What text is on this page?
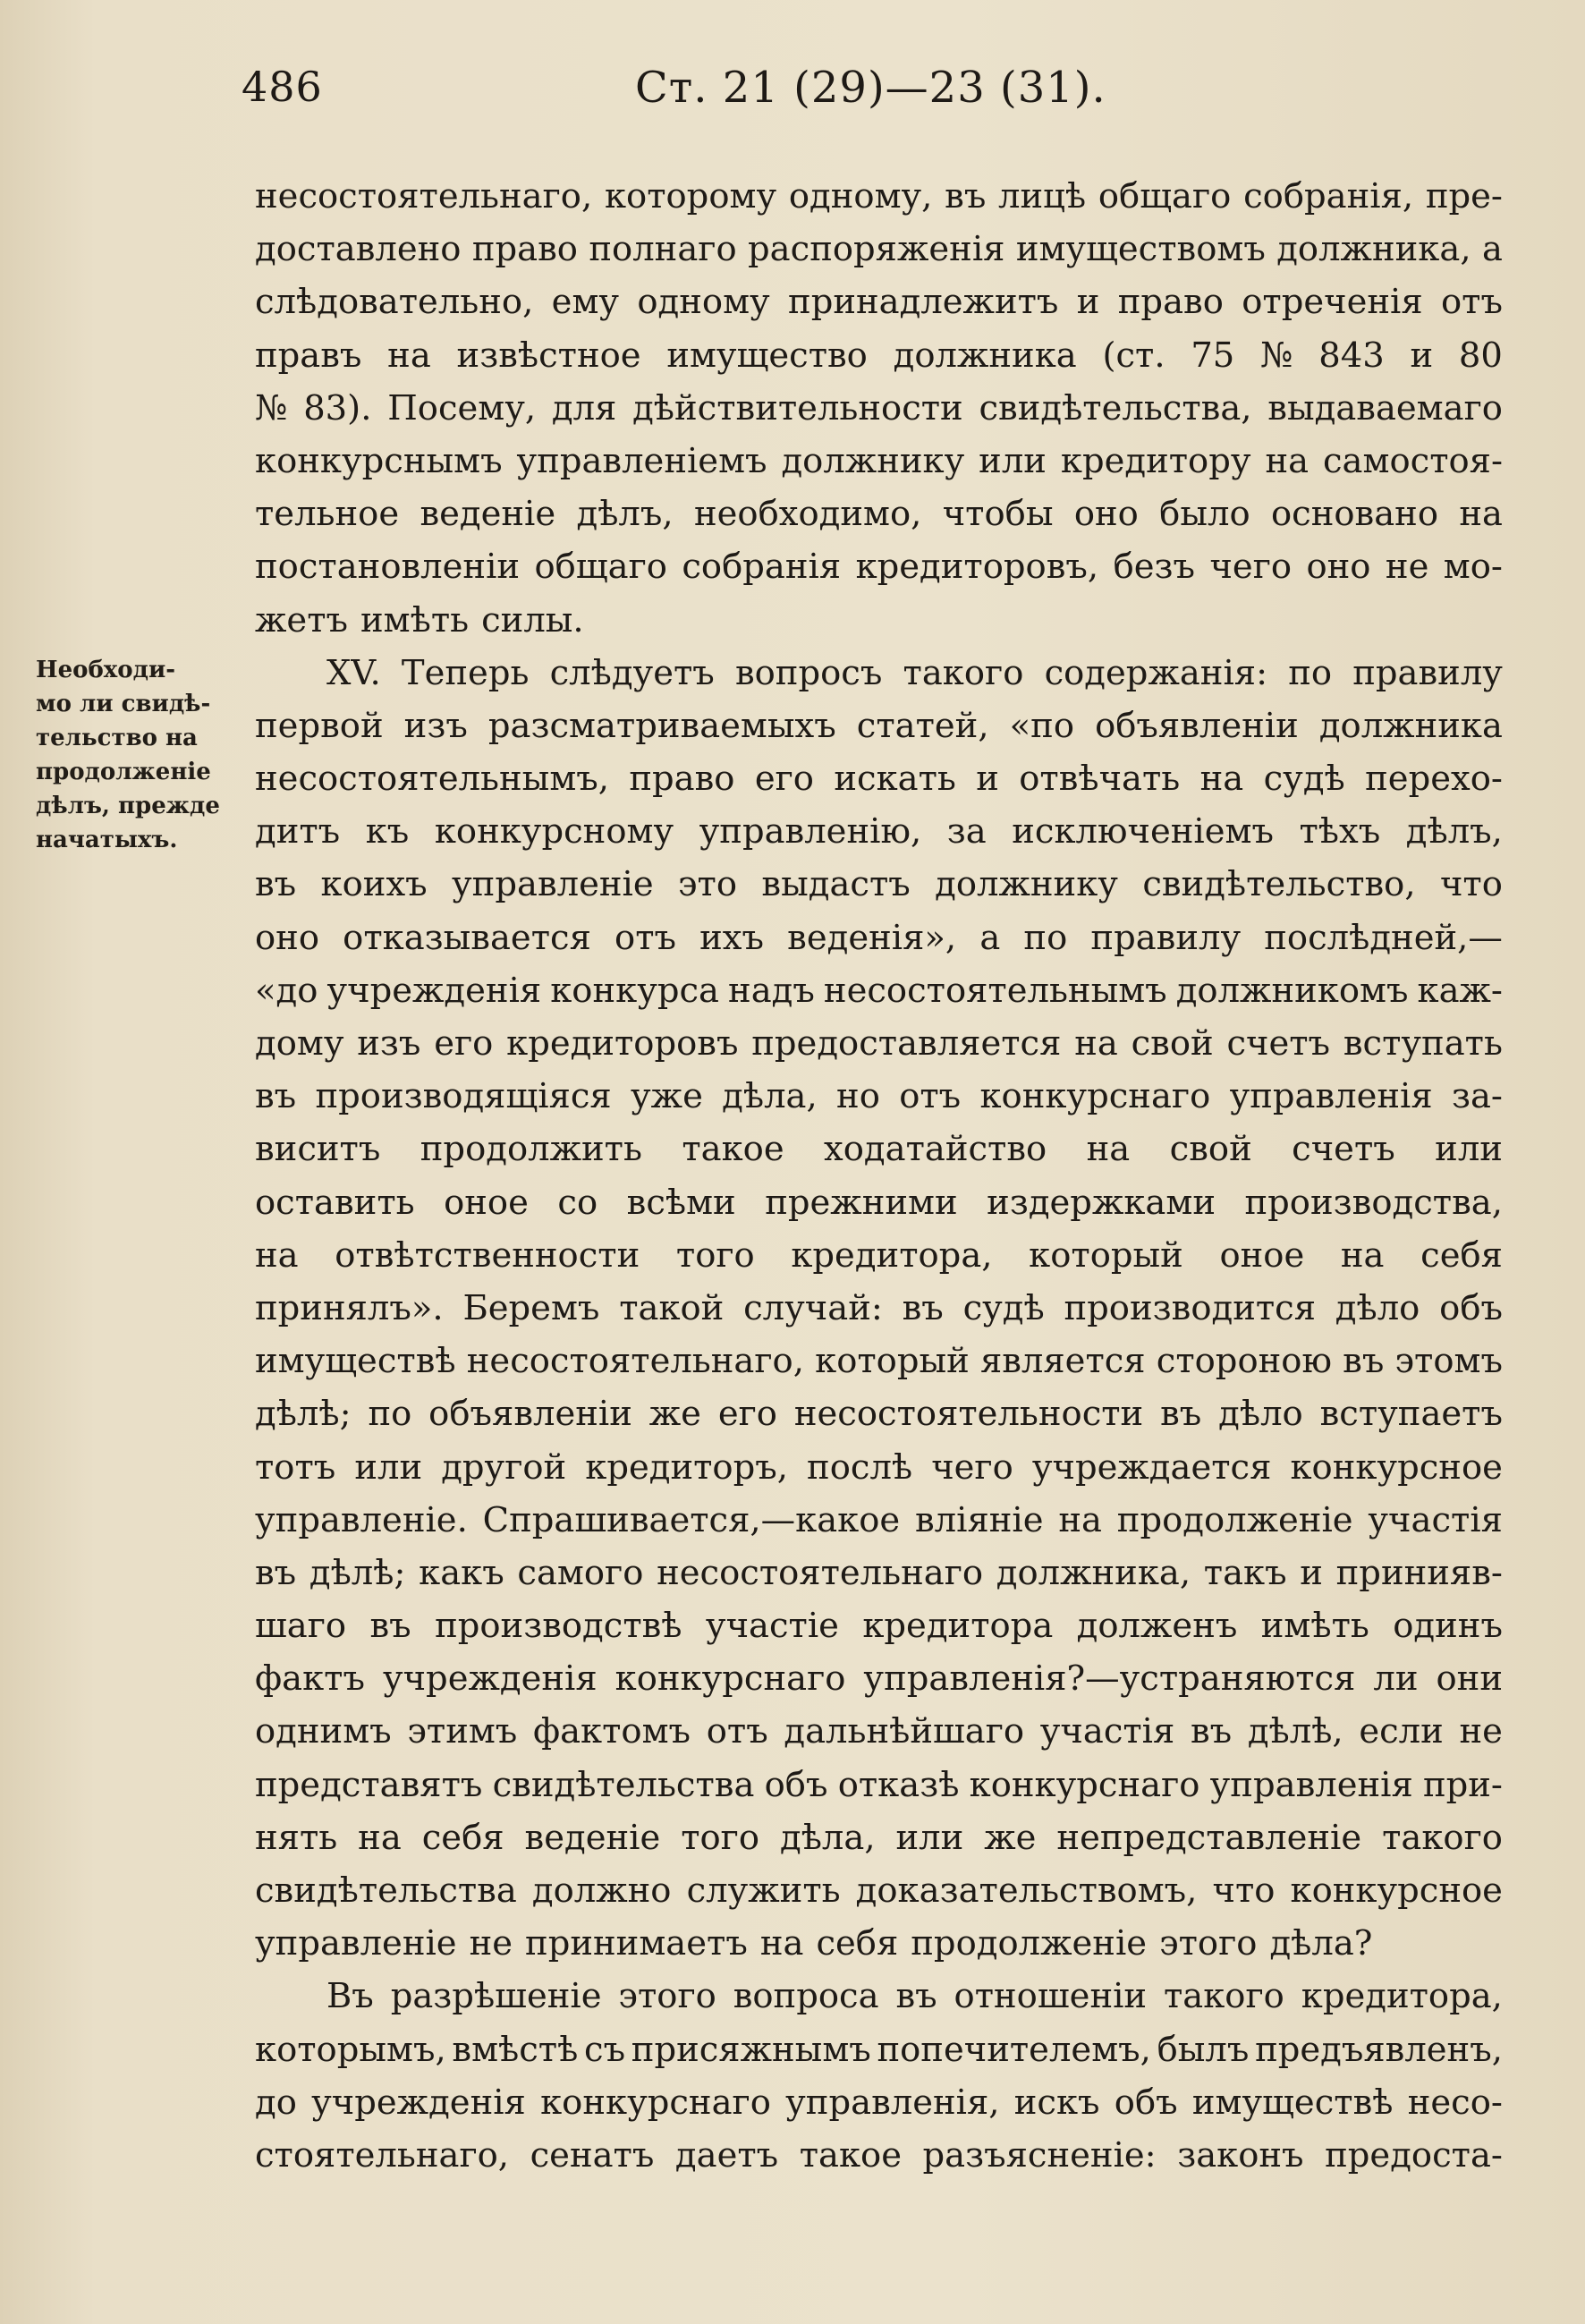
486	Ст. 21 (29)—23 (31).
Необходи-
мо ли свидѣ-
тельство на
продолженiе
дѣлъ, прежде
начатыхъ.
несостоятельнаго, которому одному, въ лицѣ общаго собранiя, пре-
доставлено право полнаго распоряженiя имуществомъ должника, а
слѣдовательно, ему одному принадлежитъ и право отреченiя отъ
правъ на извѣстное имущество должника (ст. 75 № 843 и 80
№ 83). Посему, для дѣйствительности свидѣтельства, выдаваемаго
конкурснымъ управленiемъ должнику или кредитору на самостоя-
тельное веденiе дѣлъ, необходимо, чтобы оно было основано на
постановленiи общаго собранiя кредиторовъ, безъ чего оно не мо-
жетъ имѣть силы.
XV. Теперь слѣдуетъ вопросъ такого содержанiя: по правилу
первой изъ разсматриваемыхъ статей, «по объявленiи должника
несостоятельнымъ, право его искать и отвѣчать на судѣ перехо-
дитъ къ конкурсному управленiю, за исключенiемъ тѣхъ дѣлъ,
въ коихъ управленiе это выдастъ должнику свидѣтельство, что
оно отказывается отъ ихъ веденiя», а по правилу послѣдней,—
«до учрежденiя конкурса надъ несостоятельнымъ должникомъ каж-
дому изъ его кредиторовъ предоставляется на свой счетъ вступать
въ производящiяся уже дѣла, но отъ конкурснаго управленiя за-
виситъ продолжить такое ходатайство на свой счетъ или
оставить оное со всѣми прежними издержками производства,
на отвѣтственности того кредитора, который оное на себя
принялъ». Беремъ такой случай: въ судѣ производится дѣло объ
имуществѣ несостоятельнаго, который является стороною въ этомъ
дѣлѣ; по объявленiи же его несостоятельности въ дѣло вступаетъ
тотъ или другой кредиторъ, послѣ чего учреждается конкурсное
управленiе. Спрашивается,—какое влiянiе на продолженiе участiя
въ дѣлѣ; какъ самого несостоятельнаго должника, такъ и принияв-
шаго въ производствѣ участiе кредитора долженъ имѣть одинъ
фактъ учрежденiя конкурснаго управленiя?—устраняются ли они
однимъ этимъ фактомъ отъ дальнѣйшаго участiя въ дѣлѣ, если не
представятъ свидѣтельства объ отказѣ конкурснаго управленiя при-
нять на себя веденiе того дѣла, или же непредставленiе такого
свидѣтельства должно служить доказательствомъ, что конкурсное
управленiе не принимаетъ на себя продолженiе этого дѣла?
Въ разрѣшенiе этого вопроса въ отношенiи такого кредитора,
которымъ, вмѣстѣ съ присяжнымъ попечителемъ, былъ предъявленъ,
до учрежденiя конкурснаго управленiя, искъ объ имуществѣ несо-
стоятельнаго, сенатъ даетъ такое разъясненiе: законъ предоста-
